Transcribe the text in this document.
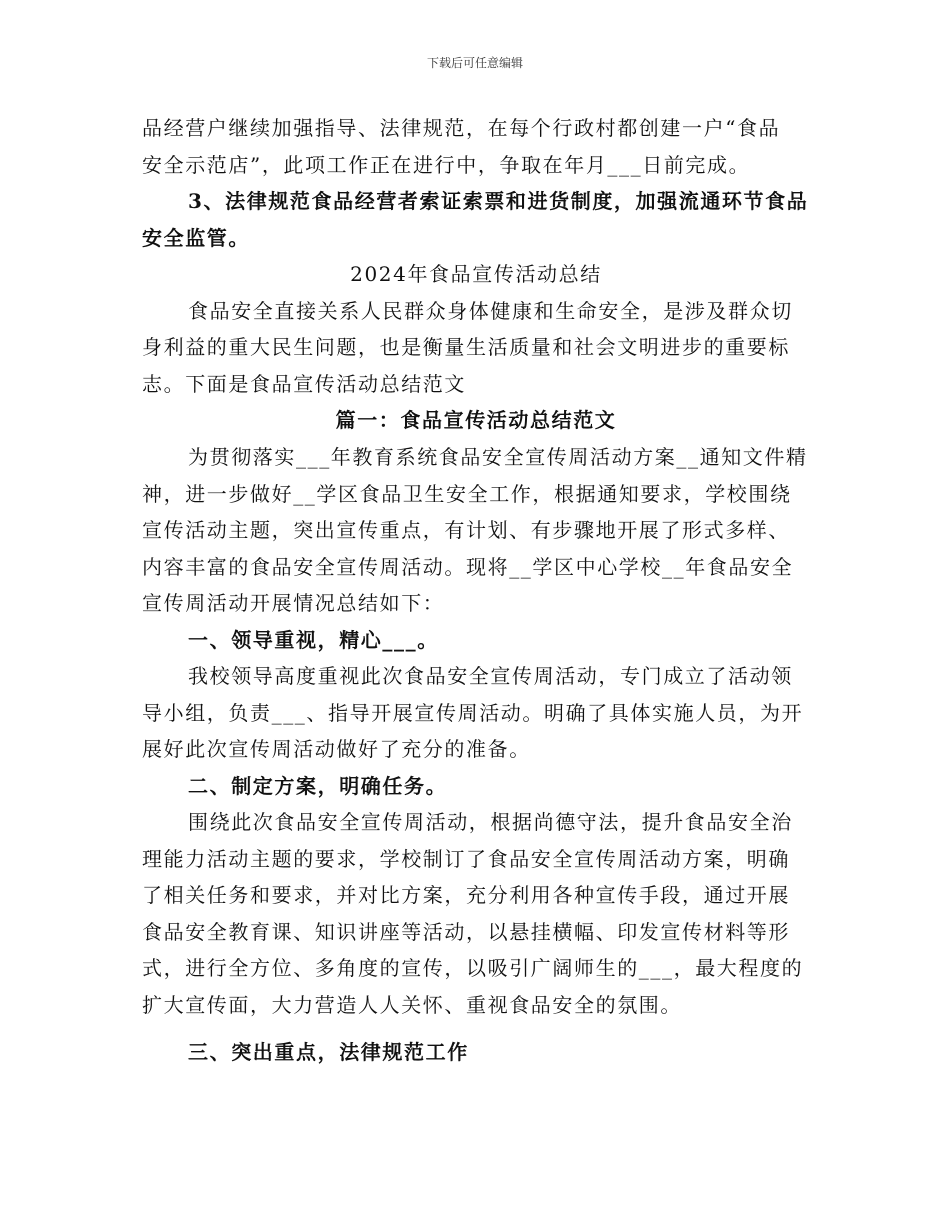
下载后可任意编辑
品经营户继续加强指导、法律规范，在每个行政村都创建一户“食品
安全示范店”，此项工作正在进行中，争取在年月___日前完成。
3、法律规范食品经营者索证索票和进货制度，加强流通环节食品
安全监管。
2024年食品宣传活动总结
食品安全直接关系人民群众身体健康和生命安全，是涉及群众切
身利益的重大民生问题，也是衡量生活质量和社会文明进步的重要标
志。下面是食品宣传活动总结范文
篇一：食品宣传活动总结范文
为贯彻落实___年教育系统食品安全宣传周活动方案__通知文件精
神，进一步做好__学区食品卫生安全工作，根据通知要求，学校围绕
宣传活动主题，突出宣传重点，有计划、有步骤地开展了形式多样、
内容丰富的食品安全宣传周活动。现将__学区中心学校__年食品安全
宣传周活动开展情况总结如下：
一、领导重视，精心___。
我校领导高度重视此次食品安全宣传周活动，专门成立了活动领
导小组，负责___、指导开展宣传周活动。明确了具体实施人员，为开
展好此次宣传周活动做好了充分的准备。
二、制定方案，明确任务。
围绕此次食品安全宣传周活动，根据尚德守法，提升食品安全治
理能力活动主题的要求，学校制订了食品安全宣传周活动方案，明确
了相关任务和要求，并对比方案，充分利用各种宣传手段，通过开展
食品安全教育课、知识讲座等活动，以悬挂横幅、印发宣传材料等形
式，进行全方位、多角度的宣传，以吸引广阔师生的___，最大程度的
扩大宣传面，大力营造人人关怀、重视食品安全的氛围。
三、突出重点，法律规范工作
